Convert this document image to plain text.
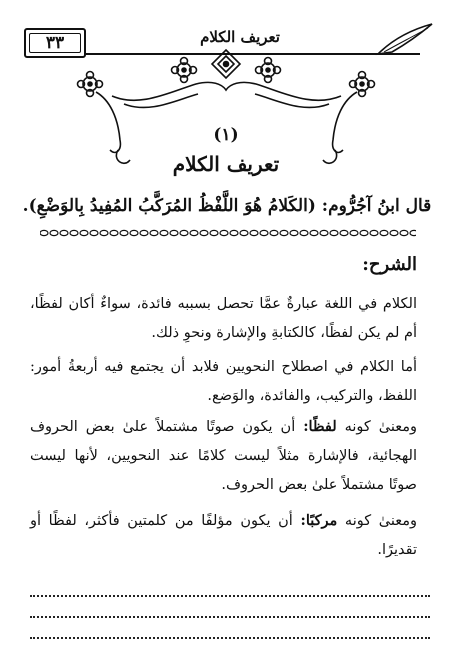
٣٣	تعريف الكلام
(١)
تعريف الكلام
قال ابنُ آجُرُّوم: (الكَلامُ هُوَ اللَّفْظُ المُرَكَّبُ المُفِيدُ بِالوَضْعِ).
الشرح:

الكلام في اللغة عبارةٌ عمَّا تحصل بسببه فائدة، سواءٌ أكان لفظًا، أم لم يكن لفظًا، كالكتابةِ والإشارة ونحوِ ذلك.

أما الكلام في اصطلاح النحويين فلابد أن يجتمع فيه أربعةُ أمور: اللفظ، والتركيب، والفائدة، والوَضع.

ومعنىٰ كونه لفظًا: أن يكون صوتًا مشتملاً علىٰ بعض الحروف الهجائية، فالإشارة مثلاً ليست كلامًا عند النحويين، لأنها ليست صوتًا مشتملاً علىٰ بعض الحروف.

ومعنىٰ كونه مركبًا: أن يكون مؤلفًا من كلمتين فأكثر، لفظًا أو تقديرًا.
